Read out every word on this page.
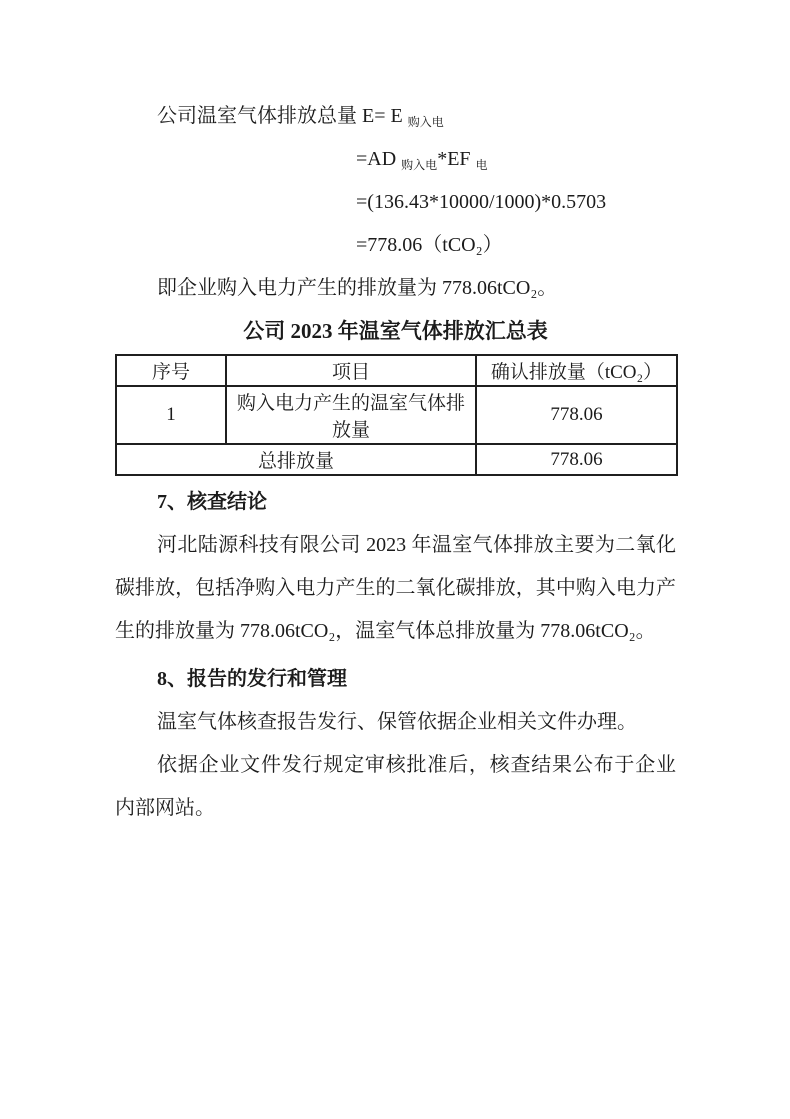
公司温室气体排放总量 E= E $_{购入电}$

=AD $_{购入电}$*EF $_电$

=(136.43*10000/1000)*0.5703

=778.06（tCO₂）

即企业购入电力产生的排放量为 778.06tCO₂。

公司 2023 年温室气体排放汇总表

序号	项目	确认排放量（tCO₂）
1	购入电力产生的温室气体排放量	778.06
总排放量		778.06
7、核查结论

河北陆源科技有限公司 2023 年温室气体排放主要为二氧化碳排放，包括净购入电力产生的二氧化碳排放，其中购入电力产生的排放量为 778.06tCO₂，温室气体总排放量为 778.06tCO₂。

8、报告的发行和管理

温室气体核查报告发行、保管依据企业相关文件办理。

依据企业文件发行规定审核批准后，核查结果公布于企业内部网站。
